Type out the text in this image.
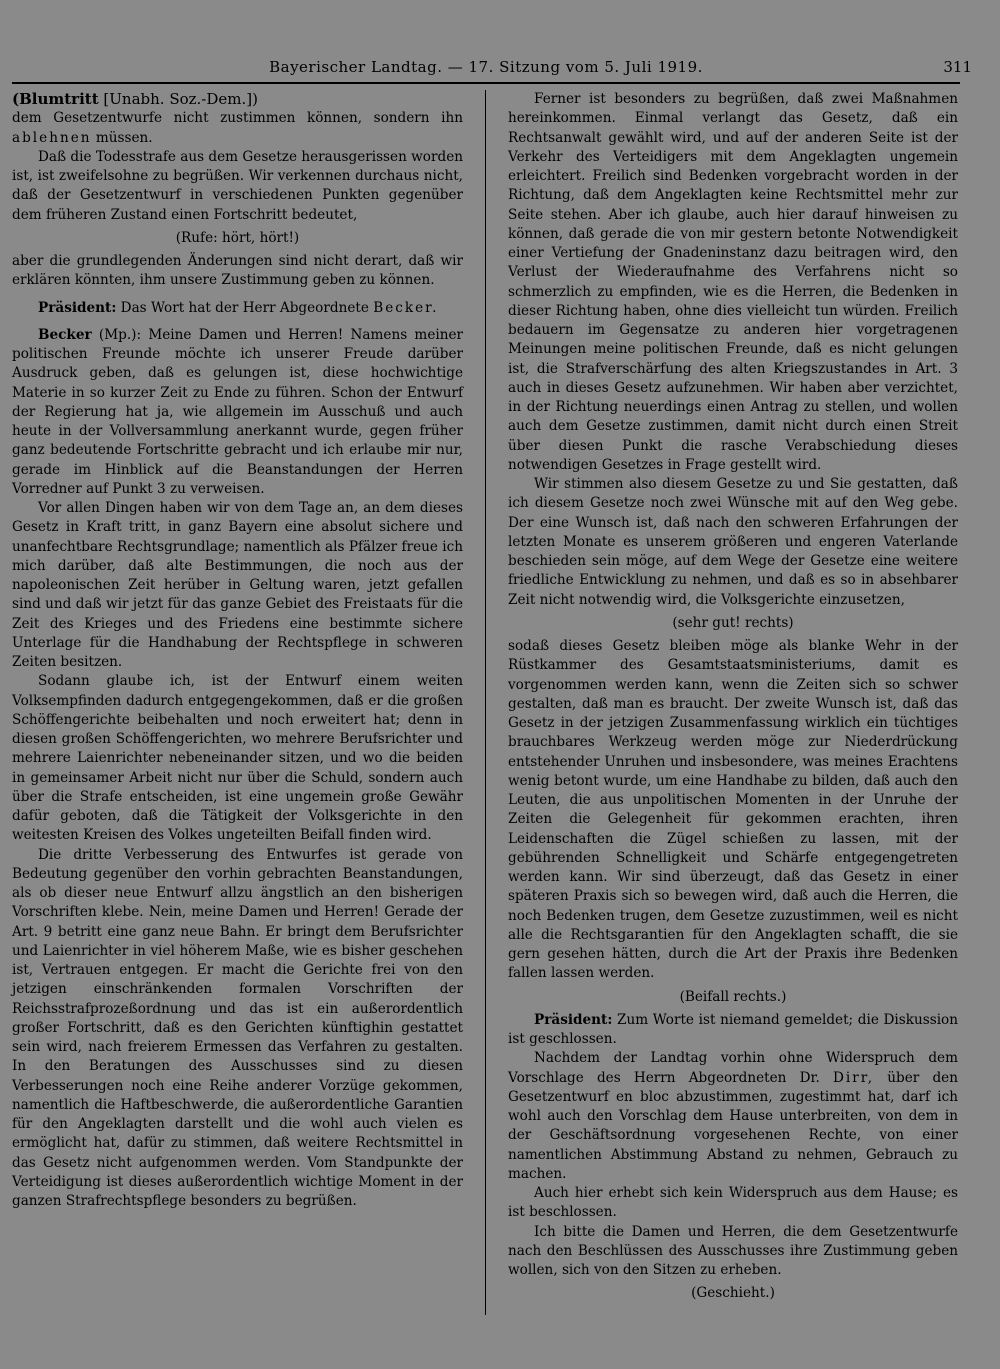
Bayerischer Landtag. — 17. Sitzung vom 5. Juli 1919.	311

(Blumtritt [Unabh. Soz.-Dem.])

dem Gesetzentwurfe nicht zustimmen können, sondern ihn ablehnen müssen.

Daß die Todesstrafe aus dem Gesetze herausgerissen worden ist, ist zweifelsohne zu begrüßen. Wir verkennen durchaus nicht, daß der Gesetzentwurf in verschiedenen Punkten gegenüber dem früheren Zustand einen Fortschritt bedeutet,

(Rufe: hört, hört!)

aber die grundlegenden Änderungen sind nicht derart, daß wir erklären könnten, ihm unsere Zustimmung geben zu können.

Präsident: Das Wort hat der Herr Abgeordnete Becker.

Becker (Mp.): Meine Damen und Herren! Namens meiner politischen Freunde möchte ich unserer Freude darüber Ausdruck geben, daß es gelungen ist, diese hochwichtige Materie in so kurzer Zeit zu Ende zu führen. Schon der Entwurf der Regierung hat ja, wie allgemein im Ausschuß und auch heute in der Vollversammlung anerkannt wurde, gegen früher ganz bedeutende Fortschritte gebracht und ich erlaube mir nur, gerade im Hinblick auf die Beanstandungen der Herren Vorredner auf Punkt 3 zu verweisen.

Vor allen Dingen haben wir von dem Tage an, an dem dieses Gesetz in Kraft tritt, in ganz Bayern eine absolut sichere und unanfechtbare Rechtsgrundlage; namentlich als Pfälzer freue ich mich darüber, daß alte Bestimmungen, die noch aus der napoleonischen Zeit herüber in Geltung waren, jetzt gefallen sind und daß wir jetzt für das ganze Gebiet des Freistaats für die Zeit des Krieges und des Friedens eine bestimmte sichere Unterlage für die Handhabung der Rechtspflege in schweren Zeiten besitzen.

Sodann glaube ich, ist der Entwurf einem weiten Volksempfinden dadurch entgegengekommen, daß er die großen Schöffengerichte beibehalten und noch erweitert hat; denn in diesen großen Schöffengerichten, wo mehrere Berufsrichter und mehrere Laienrichter nebeneinander sitzen, und wo die beiden in gemeinsamer Arbeit nicht nur über die Schuld, sondern auch über die Strafe entscheiden, ist eine ungemein große Gewähr dafür geboten, daß die Tätigkeit der Volksgerichte in den weitesten Kreisen des Volkes ungeteilten Beifall finden wird.

Die dritte Verbesserung des Entwurfes ist gerade von Bedeutung gegenüber den vorhin gebrachten Beanstandungen, als ob dieser neue Entwurf allzu ängstlich an den bisherigen Vorschriften klebe. Nein, meine Damen und Herren! Gerade der Art. 9 betritt eine ganz neue Bahn. Er bringt dem Berufsrichter und Laienrichter in viel höherem Maße, wie es bisher geschehen ist, Vertrauen entgegen. Er macht die Gerichte frei von den jetzigen einschränkenden formalen Vorschriften der Reichsstrafprozeßordnung und das ist ein außerordentlich großer Fortschritt, daß es den Gerichten künftighin gestattet sein wird, nach freierem Ermessen das Verfahren zu gestalten. In den Beratungen des Ausschusses sind zu diesen Verbesserungen noch eine Reihe anderer Vorzüge gekommen, namentlich die Haftbeschwerde, die außerordentliche Garantien für den Angeklagten darstellt und die wohl auch vielen es ermöglicht hat, dafür zu stimmen, daß weitere Rechtsmittel in das Gesetz nicht aufgenommen werden. Vom Standpunkte der Verteidigung ist dieses außerordentlich wichtige Moment in der ganzen Strafrechtspflege besonders zu begrüßen.

Ferner ist besonders zu begrüßen, daß zwei Maßnahmen hereinkommen. Einmal verlangt das Gesetz, daß ein Rechtsanwalt gewählt wird, und auf der anderen Seite ist der Verkehr des Verteidigers mit dem Angeklagten ungemein erleichtert. Freilich sind Bedenken vorgebracht worden in der Richtung, daß dem Angeklagten keine Rechtsmittel mehr zur Seite stehen. Aber ich glaube, auch hier darauf hinweisen zu können, daß gerade die von mir gestern betonte Notwendigkeit einer Vertiefung der Gnadeninstanz dazu beitragen wird, den Verlust der Wiederaufnahme des Verfahrens nicht so schmerzlich zu empfinden, wie es die Herren, die Bedenken in dieser Richtung haben, ohne dies vielleicht tun würden. Freilich bedauern im Gegensatze zu anderen hier vorgetragenen Meinungen meine politischen Freunde, daß es nicht gelungen ist, die Strafverschärfung des alten Kriegszustandes in Art. 3 auch in dieses Gesetz aufzunehmen. Wir haben aber verzichtet, in der Richtung neuerdings einen Antrag zu stellen, und wollen auch dem Gesetze zustimmen, damit nicht durch einen Streit über diesen Punkt die rasche Verabschiedung dieses notwendigen Gesetzes in Frage gestellt wird.

Wir stimmen also diesem Gesetze zu und Sie gestatten, daß ich diesem Gesetze noch zwei Wünsche mit auf den Weg gebe. Der eine Wunsch ist, daß nach den schweren Erfahrungen der letzten Monate es unserem größeren und engeren Vaterlande beschieden sein möge, auf dem Wege der Gesetze eine weitere friedliche Entwicklung zu nehmen, und daß es so in absehbarer Zeit nicht notwendig wird, die Volksgerichte einzusetzen,

(sehr gut! rechts)

sodaß dieses Gesetz bleiben möge als blanke Wehr in der Rüstkammer des Gesamtstaatsministeriums, damit es vorgenommen werden kann, wenn die Zeiten sich so schwer gestalten, daß man es braucht. Der zweite Wunsch ist, daß das Gesetz in der jetzigen Zusammenfassung wirklich ein tüchtiges brauchbares Werkzeug werden möge zur Niederdrückung entstehender Unruhen und insbesondere, was meines Erachtens wenig betont wurde, um eine Handhabe zu bilden, daß auch den Leuten, die aus unpolitischen Momenten in der Unruhe der Zeiten die Gelegenheit für gekommen erachten, ihren Leidenschaften die Zügel schießen zu lassen, mit der gebührenden Schnelligkeit und Schärfe entgegengetreten werden kann. Wir sind überzeugt, daß das Gesetz in einer späteren Praxis sich so bewegen wird, daß auch die Herren, die noch Bedenken trugen, dem Gesetze zuzustimmen, weil es nicht alle die Rechtsgarantien für den Angeklagten schafft, die sie gern gesehen hätten, durch die Art der Praxis ihre Bedenken fallen lassen werden.

(Beifall rechts.)

Präsident: Zum Worte ist niemand gemeldet; die Diskussion ist geschlossen.

Nachdem der Landtag vorhin ohne Widerspruch dem Vorschlage des Herrn Abgeordneten Dr. Dirr, über den Gesetzentwurf en bloc abzustimmen, zugestimmt hat, darf ich wohl auch den Vorschlag dem Hause unterbreiten, von dem in der Geschäftsordnung vorgesehenen Rechte, von einer namentlichen Abstimmung Abstand zu nehmen, Gebrauch zu machen.

Auch hier erhebt sich kein Widerspruch aus dem Hause; es ist beschlossen.

Ich bitte die Damen und Herren, die dem Gesetzentwurfe nach den Beschlüssen des Ausschusses ihre Zustimmung geben wollen, sich von den Sitzen zu erheben.

(Geschieht.)
